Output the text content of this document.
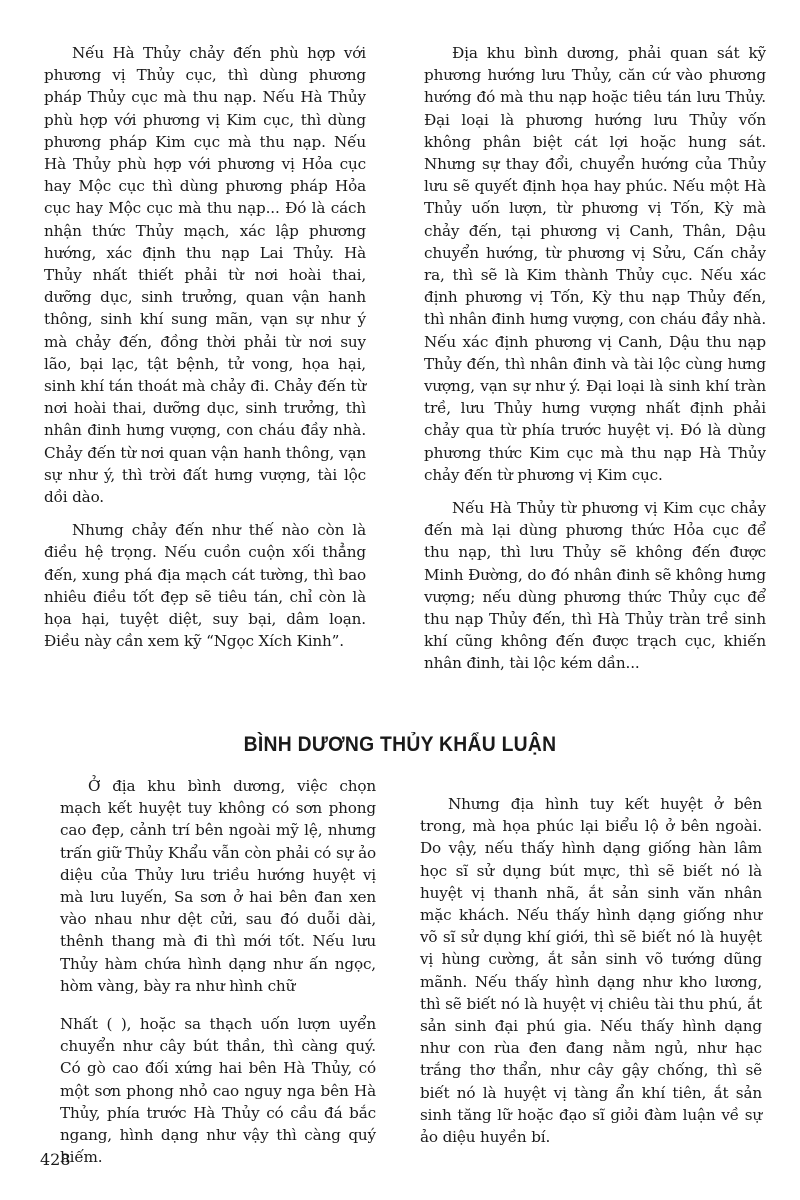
Nếu Hà Thủy chảy đến phù hợp với phương vị Thủy cục, thì dùng phương pháp Thủy cục mà thu nạp. Nếu Hà Thủy phù hợp với phương vị Kim cục, thì dùng phương pháp Kim cục mà thu nạp. Nếu Hà Thủy phù hợp với phương vị Hỏa cục hay Mộc cục thì dùng phương pháp Hỏa cục hay Mộc cục mà thu nạp... Đó là cách nhận thức Thủy mạch, xác lập phương hướng, xác định thu nạp Lai Thủy. Hà Thủy nhất thiết phải từ nơi hoài thai, dưỡng dục, sinh trưởng, quan vận hanh thông, sinh khí sung mãn, vạn sự như ý mà chảy đến, đồng thời phải từ nơi suy lão, bại lạc, tật bệnh, tử vong, họa hại, sinh khí tán thoát mà chảy đi. Chảy đến từ nơi hoài thai, dưỡng dục, sinh trưởng, thì nhân đinh hưng vượng, con cháu đầy nhà. Chảy đến từ nơi quan vận hanh thông, vạn sự như ý, thì trời đất hưng vượng, tài lộc dồi dào.

Nhưng chảy đến như thế nào còn là điều hệ trọng. Nếu cuồn cuộn xối thẳng đến, xung phá địa mạch cát tường, thì bao nhiêu điều tốt đẹp sẽ tiêu tán, chỉ còn là họa hại, tuyệt diệt, suy bại, dâm loạn. Điều này cần xem kỹ “Ngọc Xích Kinh”.

Địa khu bình dương, phải quan sát kỹ phương hướng lưu Thủy, căn cứ vào phương hướng đó mà thu nạp hoặc tiêu tán lưu Thủy. Đại loại là phương hướng lưu Thủy vốn không phân biệt cát lợi hoặc hung sát. Nhưng sự thay đổi, chuyển hướng của Thủy lưu sẽ quyết định họa hay phúc. Nếu một Hà Thủy uốn lượn, từ phương vị Tốn, Kỳ mà chảy đến, tại phương vị Canh, Thân, Dậu chuyển hướng, từ phương vị Sửu, Cấn chảy ra, thì sẽ là Kim thành Thủy cục. Nếu xác định phương vị Tốn, Kỳ thu nạp Thủy đến, thì nhân đinh hưng vượng, con cháu đầy nhà. Nếu xác định phương vị Canh, Dậu thu nạp Thủy đến, thì nhân đinh và tài lộc cùng hưng vượng, vạn sự như ý. Đại loại là sinh khí tràn trề, lưu Thủy hưng vượng nhất định phải chảy qua từ phía trước huyệt vị. Đó là dùng phương thức Kim cục mà thu nạp Hà Thủy chảy đến từ phương vị Kim cục.

Nếu Hà Thủy từ phương vị Kim cục chảy đến mà lại dùng phương thức Hỏa cục để thu nạp, thì lưu Thủy sẽ không đến được Minh Đường, do đó nhân đinh sẽ không hưng vượng; nếu dùng phương thức Thủy cục để thu nạp Thủy đến, thì Hà Thủy tràn trề sinh khí cũng không đến được trạch cục, khiến nhân đinh, tài lộc kém dần...

BÌNH DƯƠNG THỦY KHẨU LUẬN

Ở địa khu bình dương, việc chọn mạch kết huyệt tuy không có sơn phong cao đẹp, cảnh trí bên ngoài mỹ lệ, nhưng trấn giữ Thủy Khẩu vẫn còn phải có sự ảo diệu của Thủy lưu triều hướng huyệt vị mà lưu luyến, Sa sơn ở hai bên đan xen vào nhau như dệt cửi, sau đó duỗi dài, thênh thang mà đi thì mới tốt. Nếu lưu Thủy hàm chứa hình dạng như ấn ngọc, hòm vàng, bày ra như hình chữ

Nhất ( ), hoặc sa thạch uốn lượn uyển chuyển như cây bút thần, thì càng quý. Có gò cao đối xứng hai bên Hà Thủy, có một sơn phong nhỏ cao nguy nga bên Hà Thủy, phía trước Hà Thủy có cầu đá bắc ngang, hình dạng như vậy thì càng quý hiếm.

Nhưng địa hình tuy kết huyệt ở bên trong, mà họa phúc lại biểu lộ ở bên ngoài. Do vậy, nếu thấy hình dạng giống hàn lâm học sĩ sử dụng bút mực, thì sẽ biết nó là huyệt vị thanh nhã, ắt sản sinh văn nhân mặc khách. Nếu thấy hình dạng giống như võ sĩ sử dụng khí giới, thì sẽ biết nó là huyệt vị hùng cường, ắt sản sinh võ tướng dũng mãnh. Nếu thấy hình dạng như kho lương, thì sẽ biết nó là huyệt vị chiêu tài thu phú, ắt sản sinh đại phú gia. Nếu thấy hình dạng như con rùa đen đang nằm ngủ, như hạc trắng thơ thẩn, như cây gậy chống, thì sẽ biết nó là huyệt vị tàng ẩn khí tiên, ắt sản sinh tăng lữ hoặc đạo sĩ giỏi đàm luận về sự ảo diệu huyền bí.

428
